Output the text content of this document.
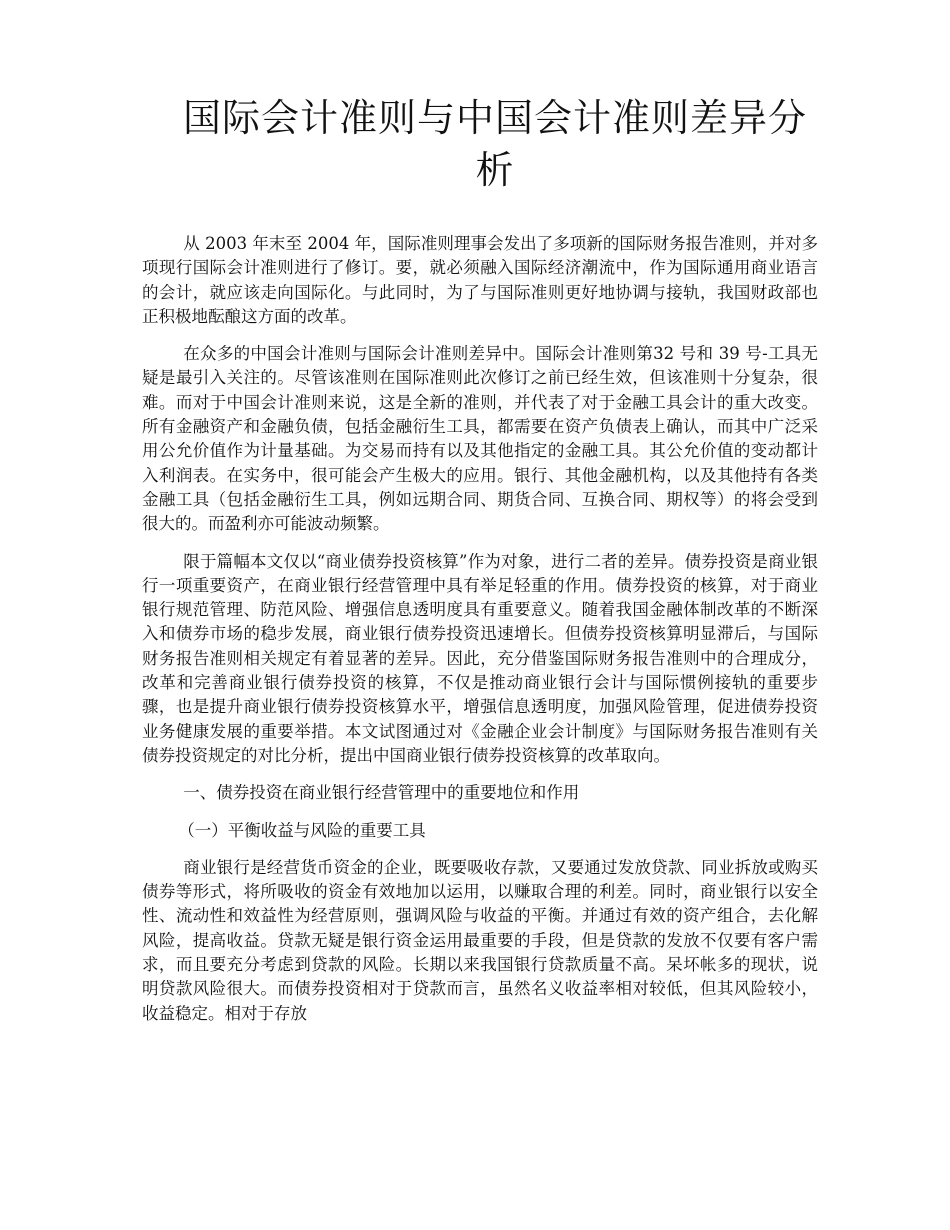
国际会计准则与中国会计准则差异分析

从 2003 年末至 2004 年，国际准则理事会发出了多项新的国际财务报告准则，并对多项现行国际会计准则进行了修订。要，就必须融入国际经济潮流中，作为国际通用商业语言的会计，就应该走向国际化。与此同时，为了与国际准则更好地协调与接轨，我国财政部也正积极地酝酿这方面的改革。

在众多的中国会计准则与国际会计准则差异中。国际会计准则第32 号和 39 号-工具无疑是最引入关注的。尽管该准则在国际准则此次修订之前已经生效，但该准则十分复杂，很难。而对于中国会计准则来说，这是全新的准则，并代表了对于金融工具会计的重大改变。所有金融资产和金融负债，包括金融衍生工具，都需要在资产负债表上确认，而其中广泛采用公允价值作为计量基础。为交易而持有以及其他指定的金融工具。其公允价值的变动都计入利润表。在实务中，很可能会产生极大的应用。银行、其他金融机构，以及其他持有各类金融工具（包括金融衍生工具，例如远期合同、期货合同、互换合同、期权等）的将会受到很大的。而盈利亦可能波动频繁。

限于篇幅本文仅以“商业债券投资核算”作为对象，进行二者的差异。债券投资是商业银行一项重要资产，在商业银行经营管理中具有举足轻重的作用。债券投资的核算，对于商业银行规范管理、防范风险、增强信息透明度具有重要意义。随着我国金融体制改革的不断深入和债券市场的稳步发展，商业银行债券投资迅速增长。但债券投资核算明显滞后，与国际财务报告准则相关规定有着显著的差异。因此，充分借鉴国际财务报告准则中的合理成分，改革和完善商业银行债券投资的核算，不仅是推动商业银行会计与国际惯例接轨的重要步骤，也是提升商业银行债券投资核算水平，增强信息透明度，加强风险管理，促进债券投资业务健康发展的重要举措。本文试图通过对《金融企业会计制度》与国际财务报告准则有关债券投资规定的对比分析，提出中国商业银行债券投资核算的改革取向。

一、债券投资在商业银行经营管理中的重要地位和作用

（一）平衡收益与风险的重要工具

商业银行是经营货币资金的企业，既要吸收存款，又要通过发放贷款、同业拆放或购买债券等形式，将所吸收的资金有效地加以运用，以赚取合理的利差。同时，商业银行以安全性、流动性和效益性为经营原则，强调风险与收益的平衡。并通过有效的资产组合，去化解风险，提高收益。贷款无疑是银行资金运用最重要的手段，但是贷款的发放不仅要有客户需求，而且要充分考虑到贷款的风险。长期以来我国银行贷款质量不高。呆坏帐多的现状，说明贷款风险很大。而债券投资相对于贷款而言，虽然名义收益率相对较低，但其风险较小，收益稳定。相对于存放
